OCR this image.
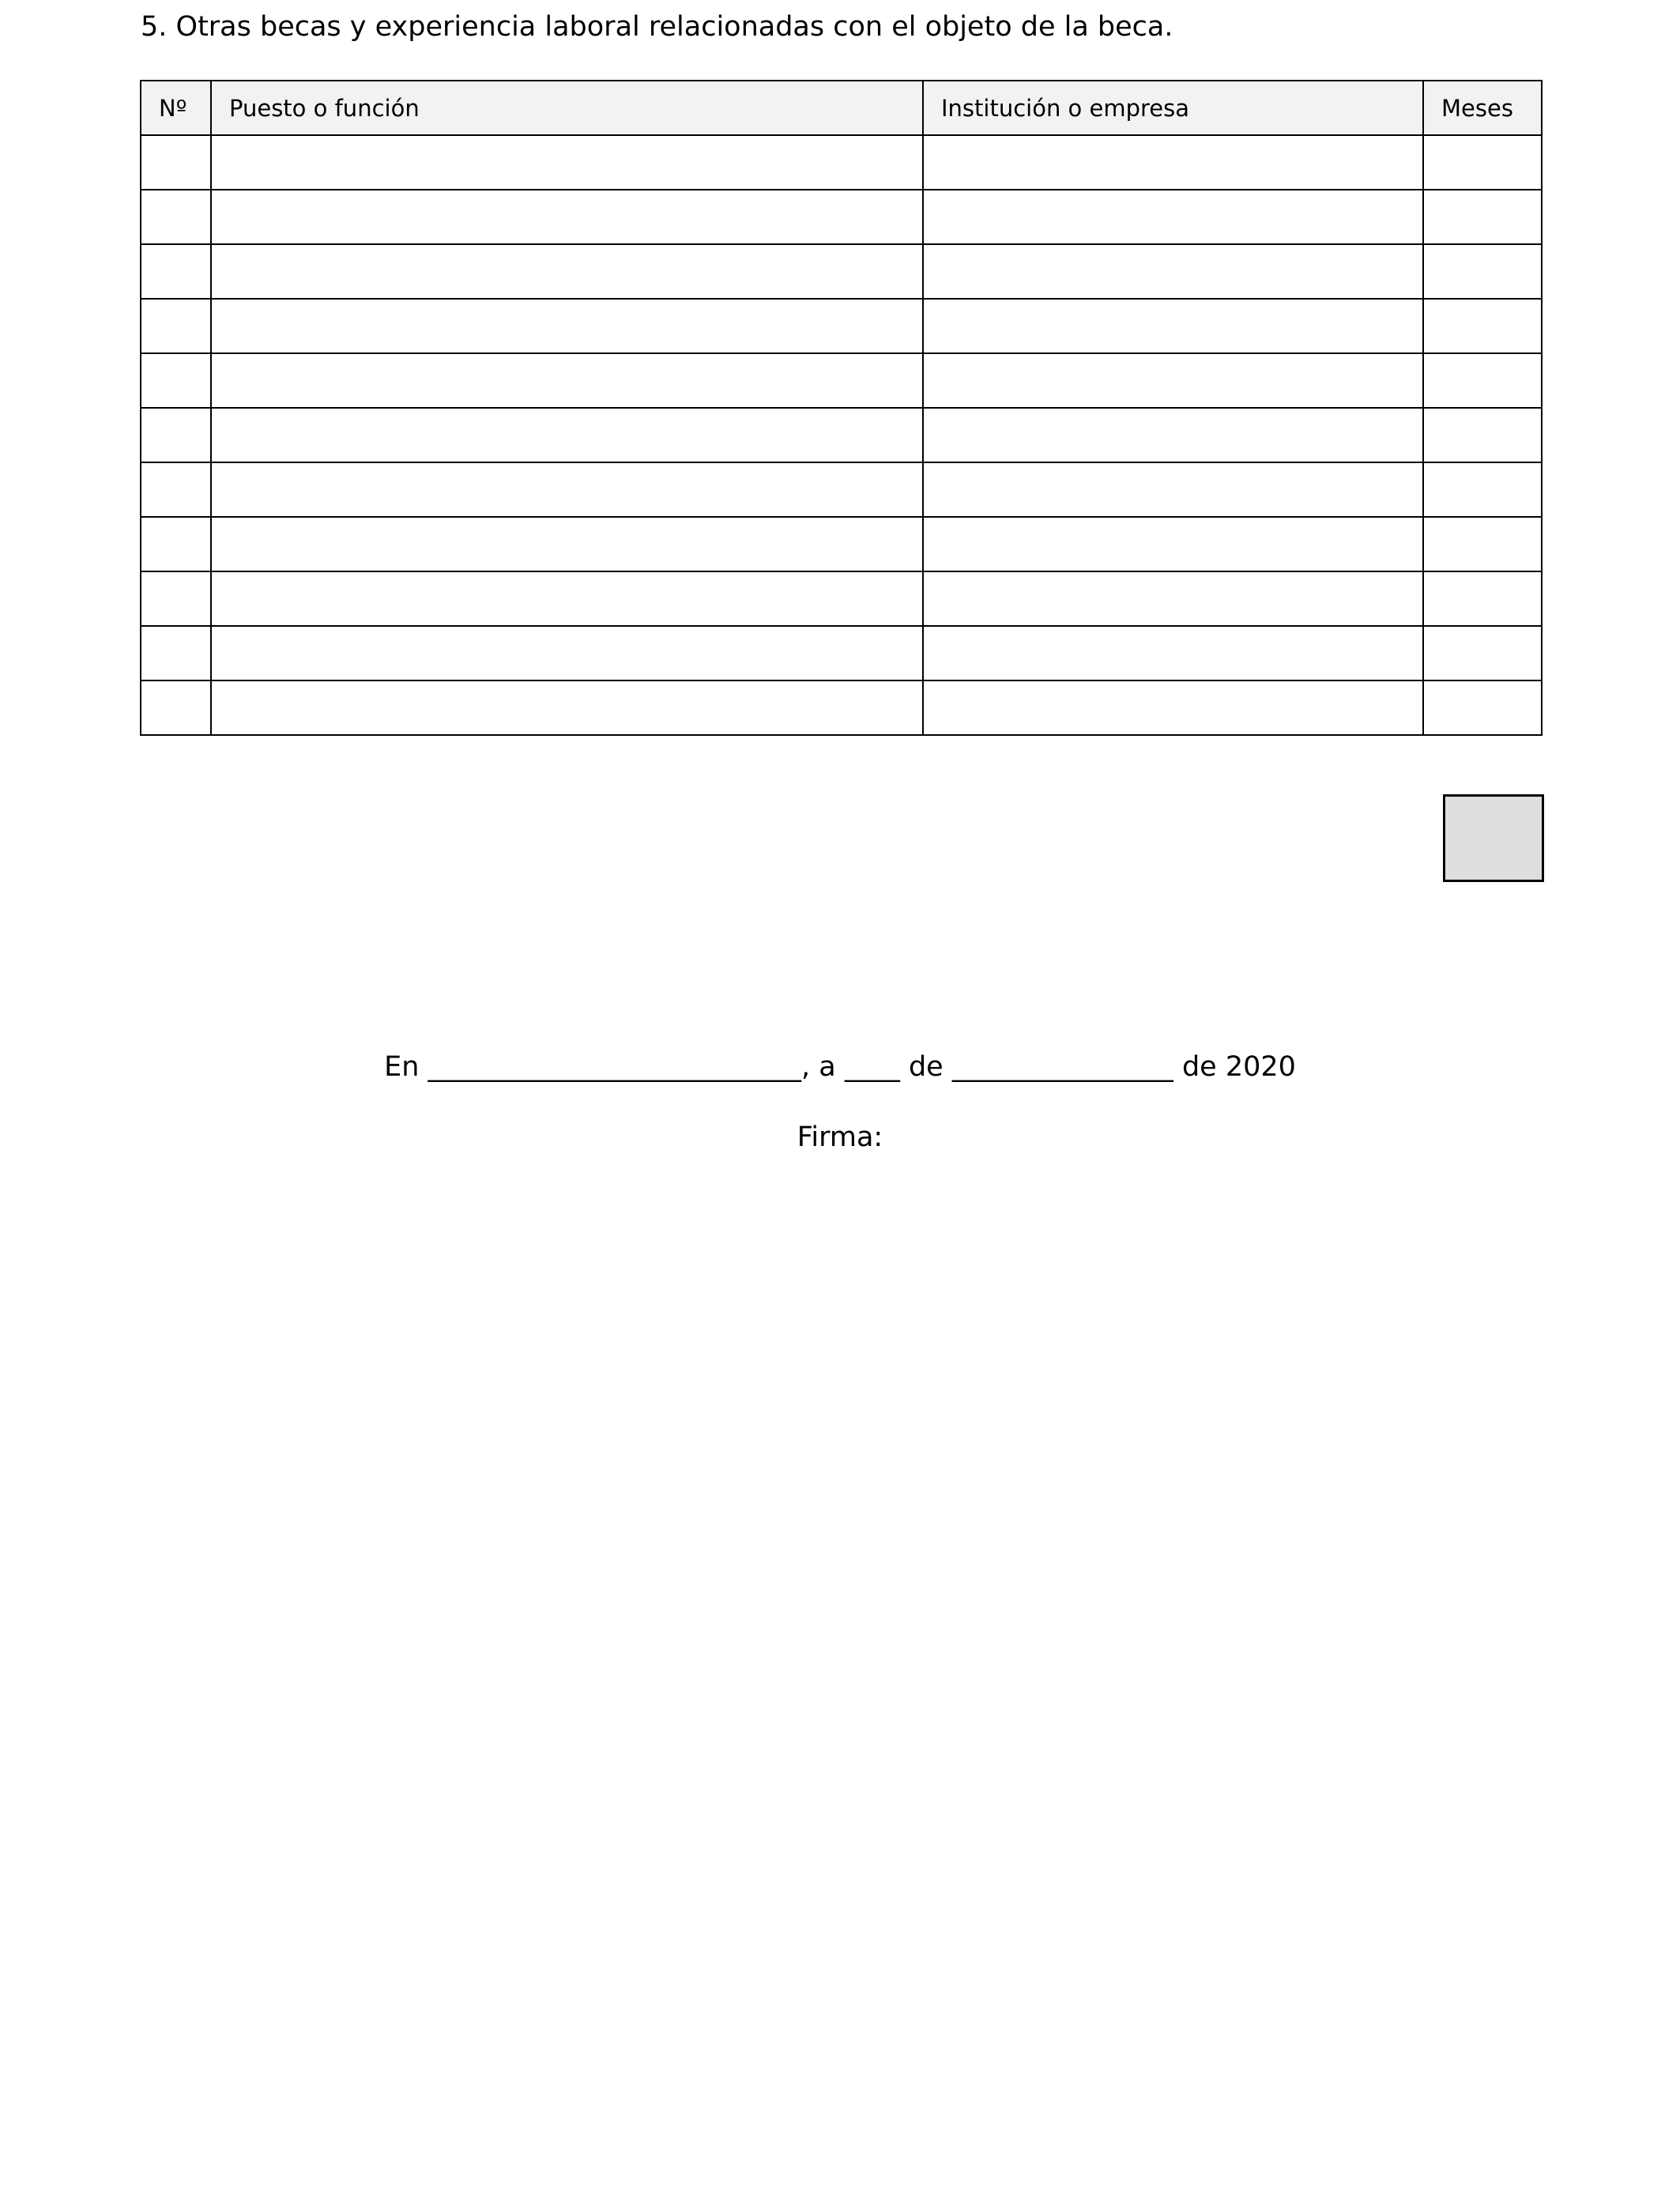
5. Otras becas y experiencia laboral relacionadas con el objeto de la beca.
Nº	Puesto o función	Institución o empresa	Meses

En ___________________________, a ____ de ________________ de 2020
Firma:
